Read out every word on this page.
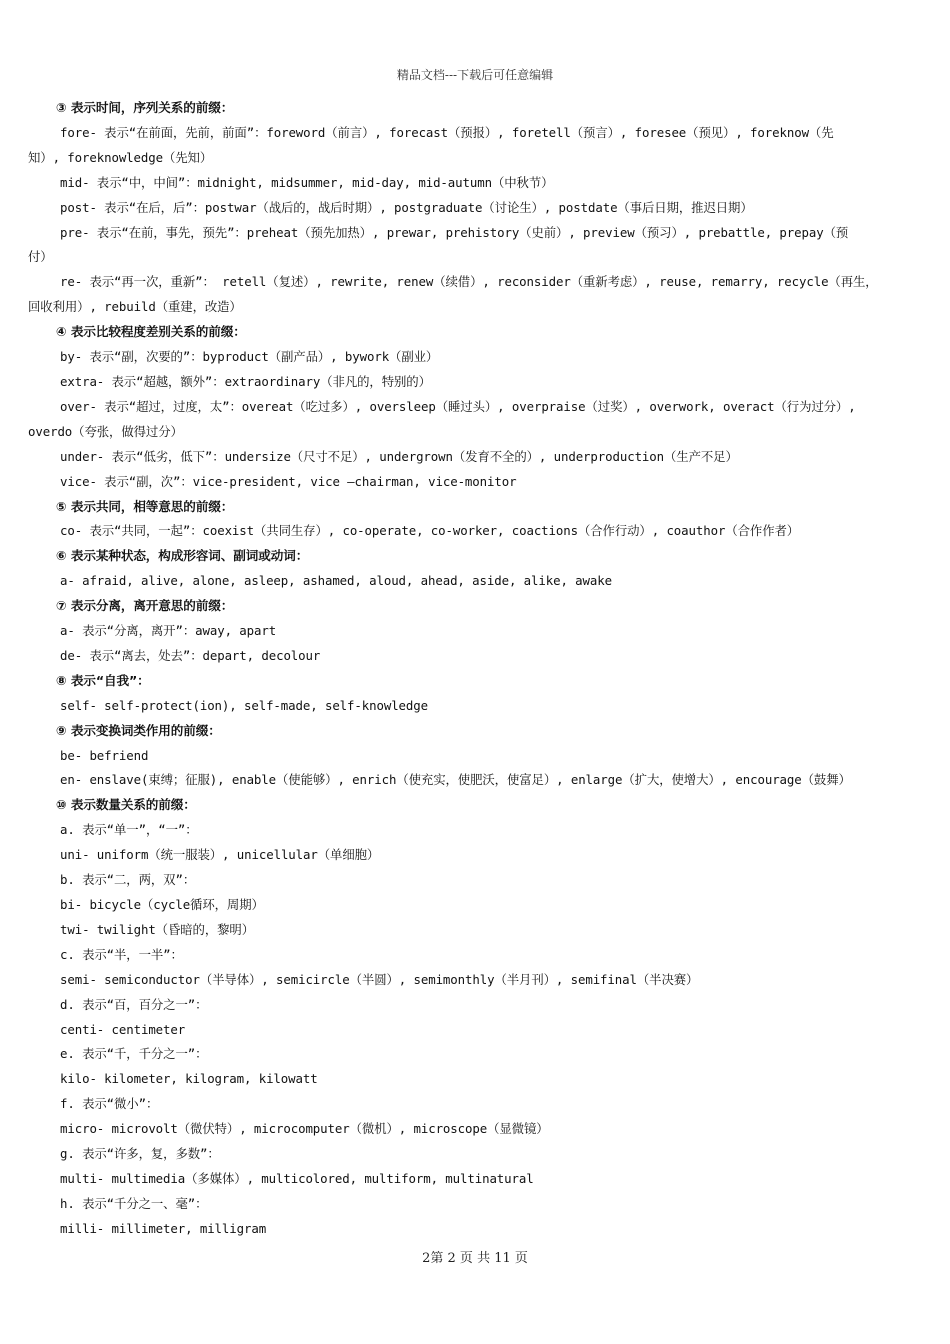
精品文档---下载后可任意编辑
③ 表示时间，序列关系的前缀：
fore- 表示“在前面，先前，前面”：foreword（前言）, forecast（预报）, foretell（预言）, foresee（预见）, foreknow（先
知）, foreknowledge（先知）
mid- 表示“中，中间”：midnight, midsummer, mid-day, mid-autumn（中秋节）
post- 表示“在后，后”：postwar（战后的，战后时期）, postgraduate（讨论生）, postdate（事后日期，推迟日期）
pre- 表示“在前，事先，预先”：preheat（预先加热）, prewar, prehistory（史前）, preview（预习）, prebattle, prepay（预
付）
re- 表示“再一次，重新”： retell（复述）, rewrite, renew（续借）, reconsider（重新考虑）, reuse, remarry, recycle（再生，
回收利用）, rebuild（重建，改造）
④ 表示比较程度差别关系的前缀：
by- 表示“副，次要的”：byproduct（副产品）, bywork（副业）
extra- 表示“超越，额外”：extraordinary（非凡的，特别的）
over- 表示“超过，过度，太”：overeat（吃过多）, oversleep（睡过头）, overpraise（过奖）, overwork, overact（行为过分）,
overdo（夸张，做得过分）
under- 表示“低劣，低下”：undersize（尺寸不足）, undergrown（发育不全的）, underproduction（生产不足）
vice- 表示“副，次”：vice-president, vice –chairman, vice-monitor
⑤ 表示共同，相等意思的前缀：
co- 表示“共同，一起”：coexist（共同生存）, co-operate, co-worker, coactions（合作行动）, coauthor（合作作者）
⑥ 表示某种状态，构成形容词、副词或动词：
a- afraid, alive, alone, asleep, ashamed, aloud, ahead, aside, alike, awake
⑦ 表示分离，离开意思的前缀：
a- 表示“分离，离开”：away, apart
de- 表示“离去，处去”：depart, decolour
⑧ 表示“自我”：
self- self-protect(ion), self-made, self-knowledge
⑨ 表示变换词类作用的前缀：
be- befriend
en- enslave(束缚；征服), enable（使能够）, enrich（使充实，使肥沃，使富足）, enlarge（扩大，使增大）, encourage（鼓舞）
⑩ 表示数量关系的前缀：
a. 表示“单一”，“一”：
uni- uniform（统一服装）, unicellular（单细胞）
b. 表示“二，两，双”：
bi- bicycle（cycle循环，周期）
twi- twilight（昏暗的，黎明）
c. 表示“半，一半”：
semi- semiconductor（半导体）, semicircle（半圆）, semimonthly（半月刊）, semifinal（半决赛）
d. 表示“百，百分之一”：
centi- centimeter
e. 表示“千，千分之一”：
kilo- kilometer, kilogram, kilowatt
f. 表示“微小”：
micro- microvolt（微伏特）, microcomputer（微机）, microscope（显微镜）
g. 表示“许多，复，多数”：
multi- multimedia（多媒体）, multicolored, multiform, multinatural
h. 表示“千分之一、毫”：
milli- millimeter, milligram
2第 2 页 共 11 页
